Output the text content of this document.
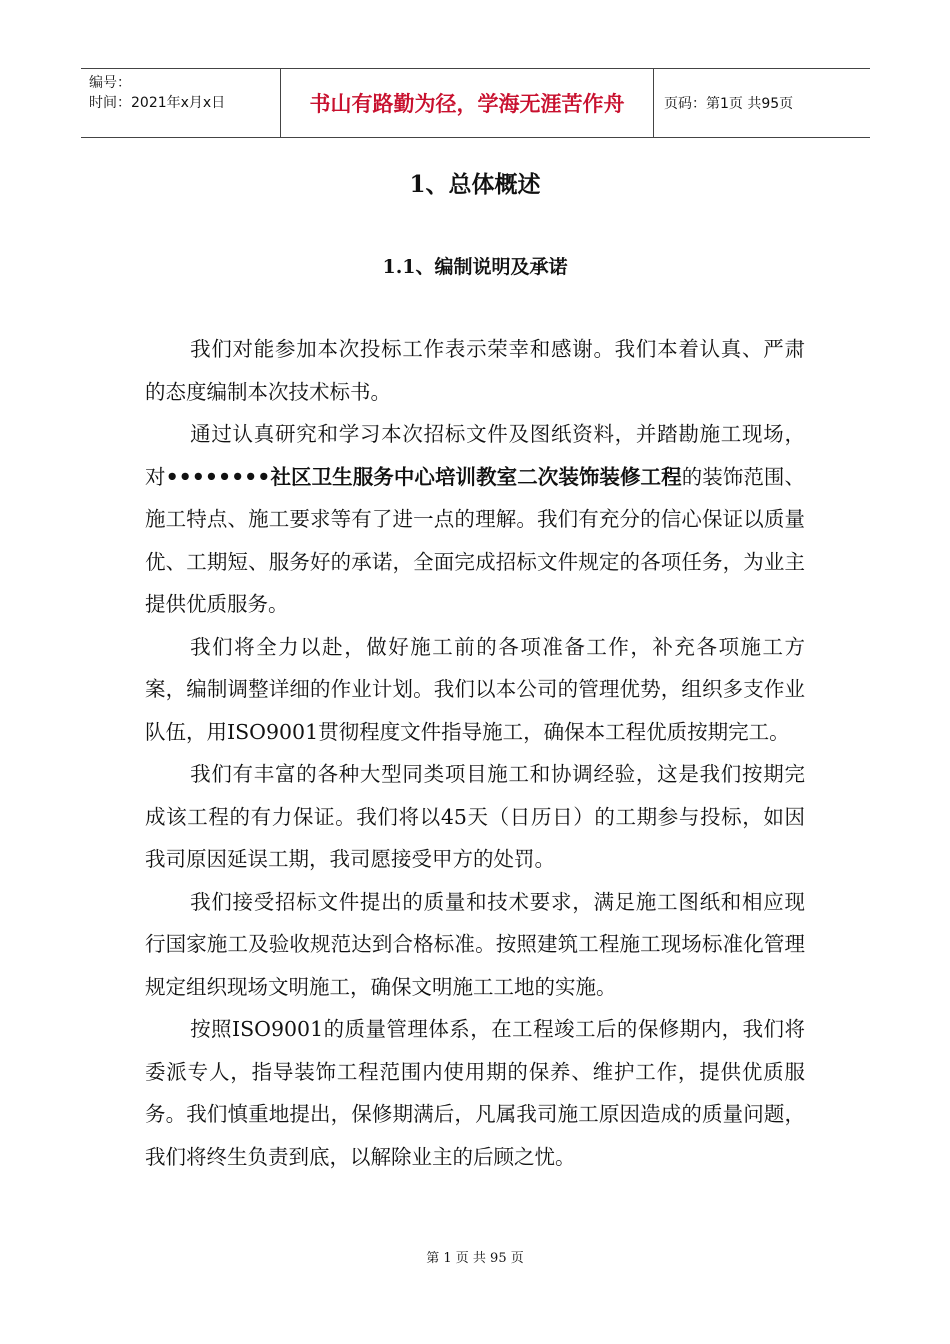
编号：
时间：2021年x月x日	书山有路勤为径，学海无涯苦作舟	页码：第1页 共95页
1、总体概述
1.1、编制说明及承诺

我们对能参加本次投标工作表示荣幸和感谢。我们本着认真、严肃的态度编制本次技术标书。

通过认真研究和学习本次招标文件及图纸资料，并踏勘施工现场，对••••••••社区卫生服务中心培训教室二次装饰装修工程的装饰范围、施工特点、施工要求等有了进一点的理解。我们有充分的信心保证以质量优、工期短、服务好的承诺，全面完成招标文件规定的各项任务，为业主提供优质服务。

我们将全力以赴，做好施工前的各项准备工作，补充各项施工方案，编制调整详细的作业计划。我们以本公司的管理优势，组织多支作业队伍，用ISO9001贯彻程度文件指导施工，确保本工程优质按期完工。

我们有丰富的各种大型同类项目施工和协调经验，这是我们按期完成该工程的有力保证。我们将以45天（日历日）的工期参与投标，如因我司原因延误工期，我司愿接受甲方的处罚。

我们接受招标文件提出的质量和技术要求，满足施工图纸和相应现行国家施工及验收规范达到合格标准。按照建筑工程施工现场标准化管理规定组织现场文明施工，确保文明施工工地的实施。

按照ISO9001的质量管理体系，在工程竣工后的保修期内，我们将委派专人，指导装饰工程范围内使用期的保养、维护工作，提供优质服务。我们慎重地提出，保修期满后，凡属我司施工原因造成的质量问题，我们将终生负责到底，以解除业主的后顾之忧。

第 1 页 共 95 页
